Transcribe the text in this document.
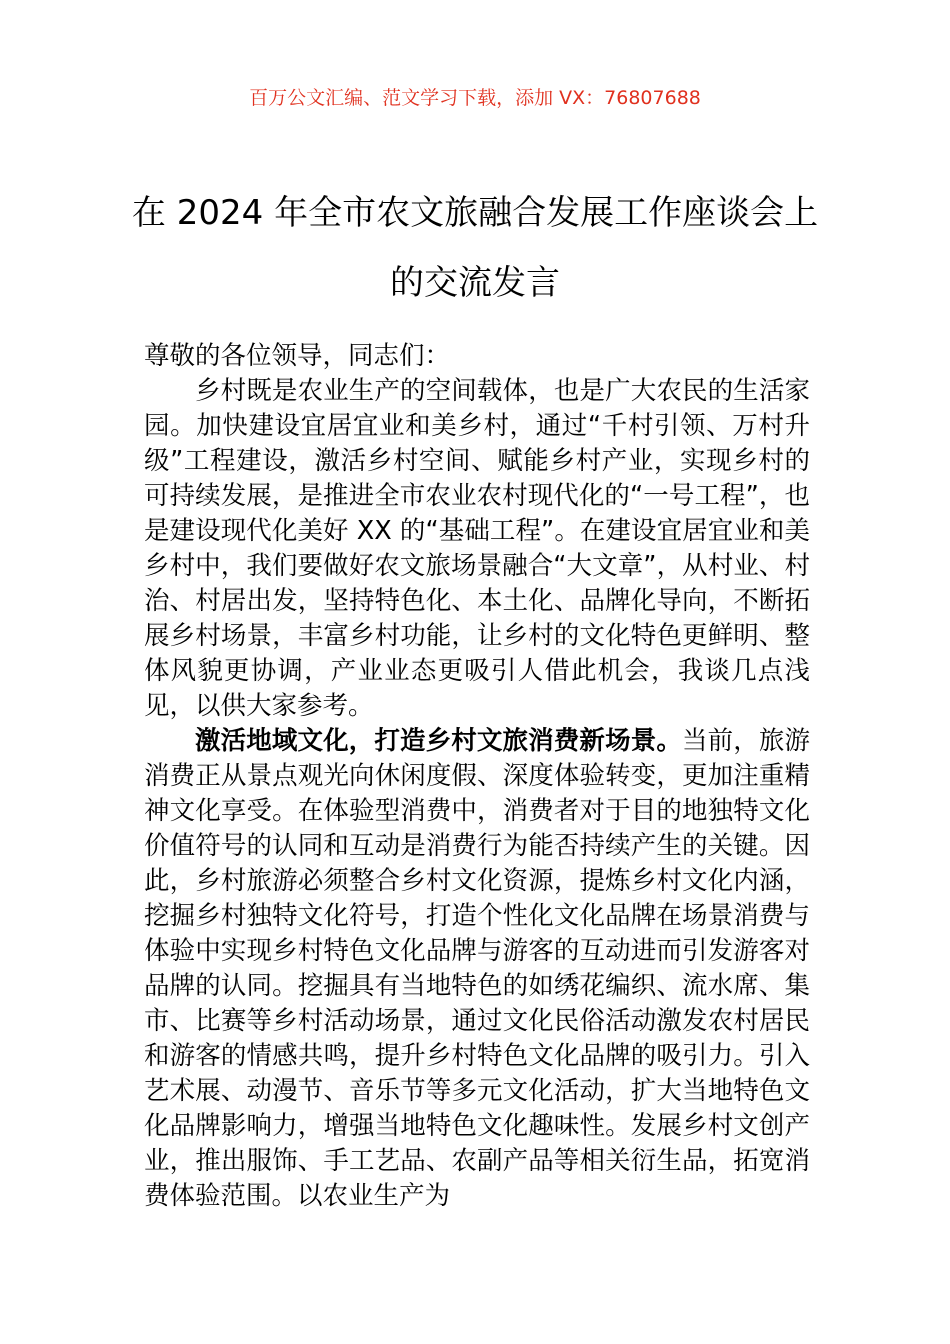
百万公文汇编、范文学习下载，添加 VX：76807688
在 2024 年全市农文旅融合发展工作座谈会上的交流发言

尊敬的各位领导，同志们：

乡村既是农业生产的空间载体，也是广大农民的生活家园。加快建设宜居宜业和美乡村，通过“千村引领、万村升级”工程建设，激活乡村空间、赋能乡村产业，实现乡村的可持续发展，是推进全市农业农村现代化的“一号工程”，也是建设现代化美好 XX 的“基础工程”。在建设宜居宜业和美乡村中，我们要做好农文旅场景融合“大文章”，从村业、村治、村居出发，坚持特色化、本土化、品牌化导向，不断拓展乡村场景，丰富乡村功能，让乡村的文化特色更鲜明、整体风貌更协调，产业业态更吸引人借此机会，我谈几点浅见，以供大家参考。

激活地域文化，打造乡村文旅消费新场景。当前，旅游消费正从景点观光向休闲度假、深度体验转变，更加注重精神文化享受。在体验型消费中，消费者对于目的地独特文化价值符号的认同和互动是消费行为能否持续产生的关键。因此，乡村旅游必须整合乡村文化资源，提炼乡村文化内涵，挖掘乡村独特文化符号，打造个性化文化品牌在场景消费与体验中实现乡村特色文化品牌与游客的互动进而引发游客对品牌的认同。挖掘具有当地特色的如绣花编织、流水席、集市、比赛等乡村活动场景，通过文化民俗活动激发农村居民和游客的情感共鸣，提升乡村特色文化品牌的吸引力。引入艺术展、动漫节、音乐节等多元文化活动，扩大当地特色文化品牌影响力，增强当地特色文化趣味性。发展乡村文创产业，推出服饰、手工艺品、农副产品等相关衍生品，拓宽消费体验范围。以农业生产为
